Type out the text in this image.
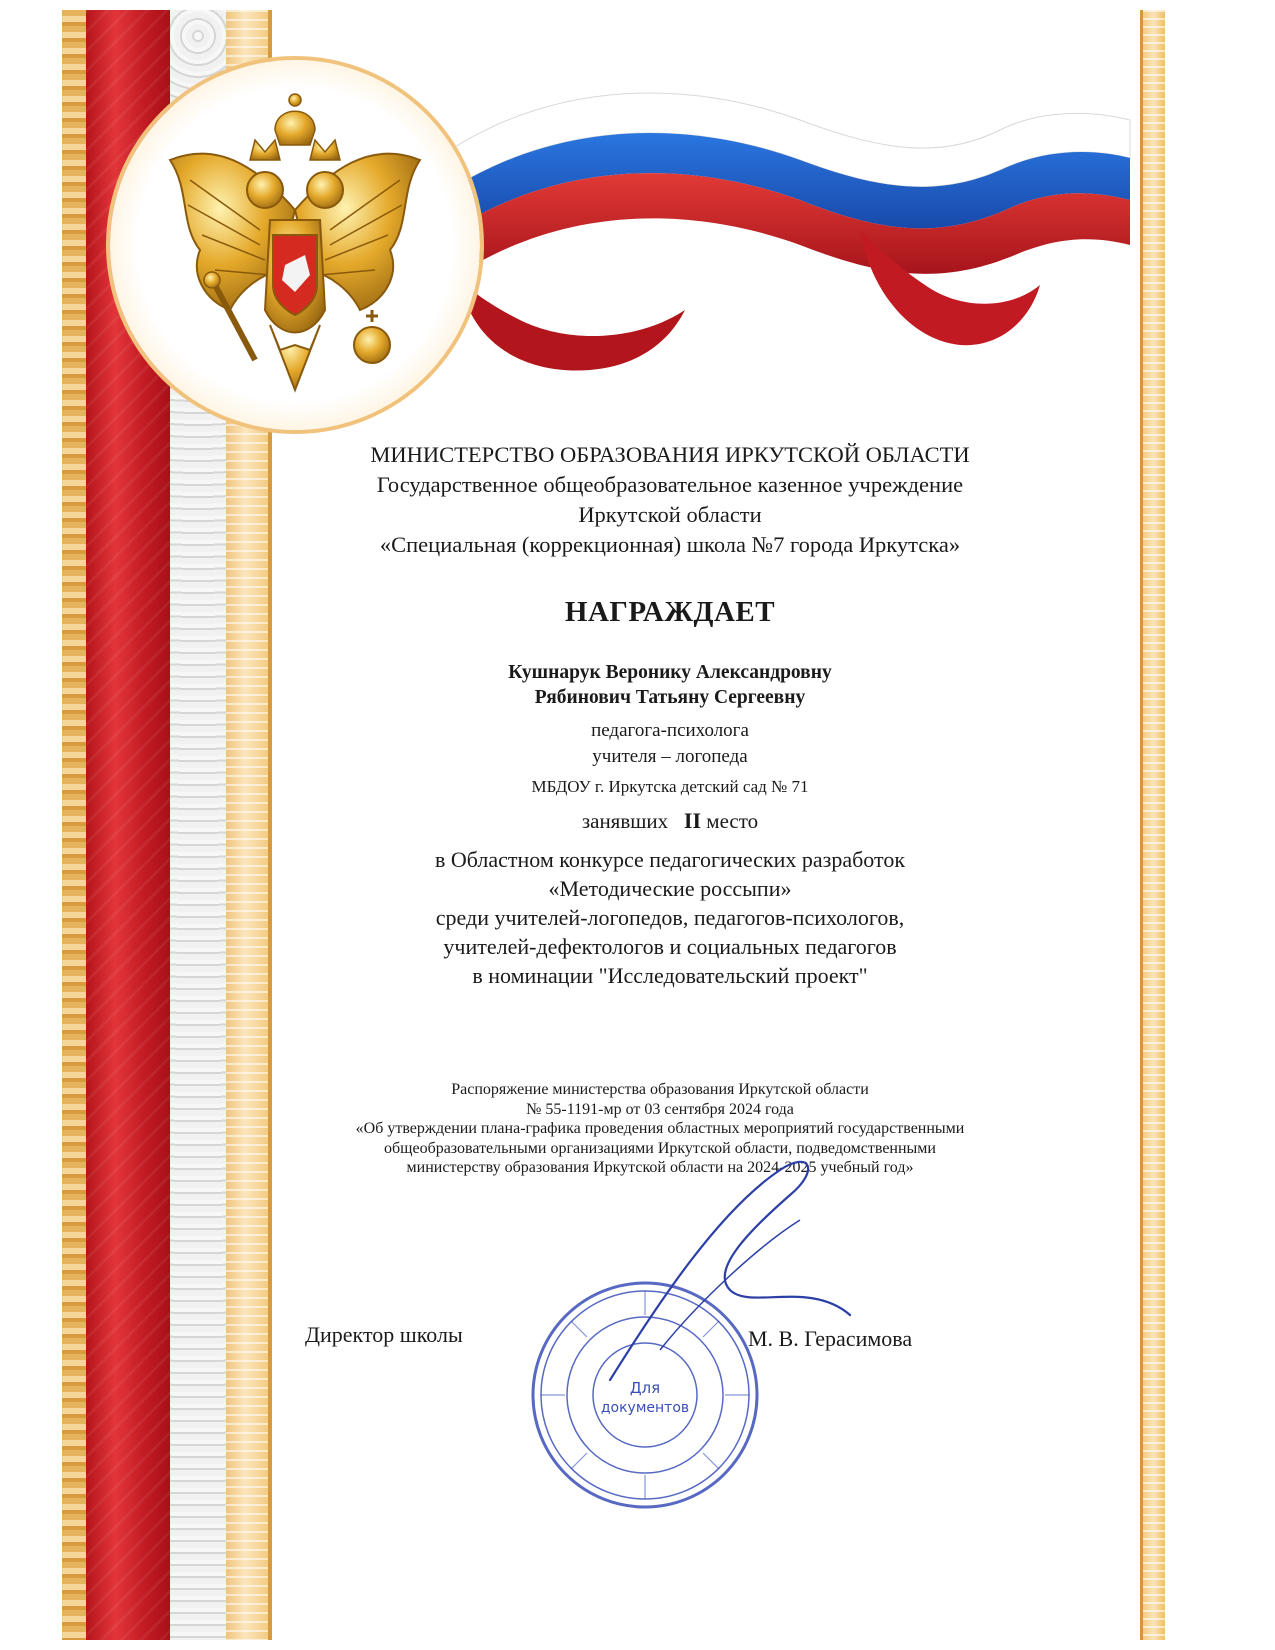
МИНИСТЕРСТВО ОБРАЗОВАНИЯ ИРКУТСКОЙ ОБЛАСТИ
Государственное общеобразовательное казенное учреждение
Иркутской области
«Специальная (коррекционная) школа №7 города Иркутска»
НАГРАЖДАЕТ
Кушнарук Веронику Александровну
Рябинович Татьяну Сергеевну
педагога-психолога
учителя – логопеда
МБДОУ г. Иркутска детский сад № 71
занявших II место
в Областном конкурсе педагогических разработок
«Методические россыпи»
среди учителей-логопедов, педагогов-психологов,
учителей-дефектологов и социальных педагогов
в номинации "Исследовательский проект"
Распоряжение министерства образования Иркутской области
№ 55-1191-мр от 03 сентября 2024 года
«Об утверждении плана-графика проведения областных мероприятий государственными
общеобразовательными организациями Иркутской области, подведомственными
министерству образования Иркутской области на 2024-2025 учебный год»
Для
документов
Директор школы	М. В. Герасимова
